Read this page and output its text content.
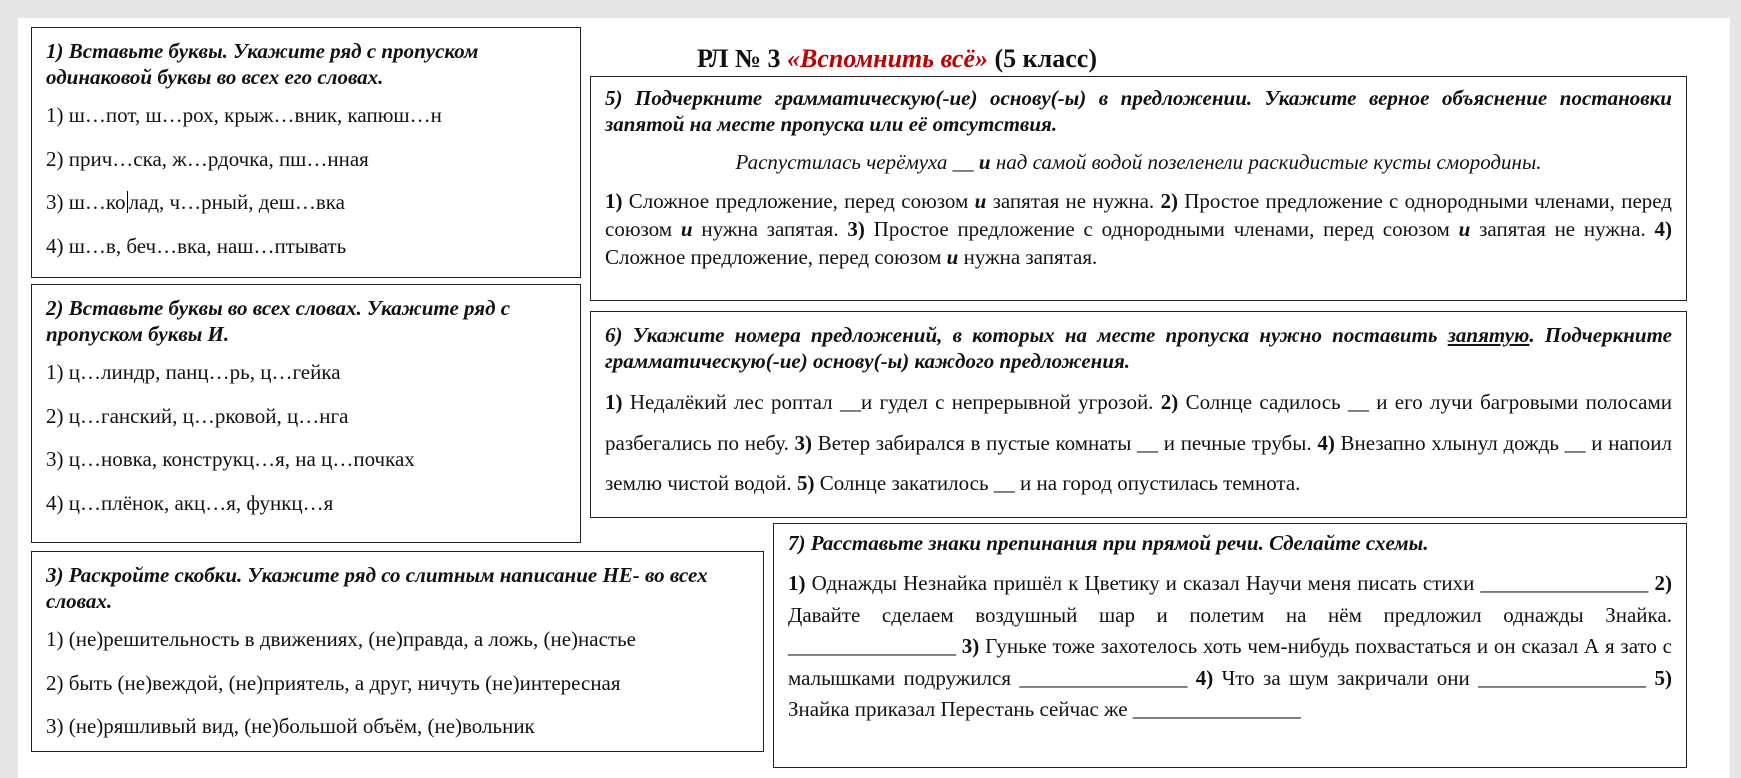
РЛ № 3 «Вспомнить всё» (5 класс)
1) Вставьте буквы. Укажите ряд с пропуском одинаковой буквы во всех его словах.
1) ш…пот, ш…рох, крыж…вник, капюш…н
2) прич…ска, ж…рдочка, пш…нная
3) ш…ко лад, ч…рный, деш…вка
4) ш…в, беч…вка, наш…птывать
2) Вставьте буквы во всех словах. Укажите ряд с пропуском буквы И.
1) ц…линдр, панц…рь, ц…гейка
2) ц…ганский, ц…рковой, ц…нга
3) ц…новка, конструкц…я, на ц…почках
4) ц…плёнок, акц…я, функц…я
3) Раскройте скобки. Укажите ряд со слитным написание НЕ- во всех словах.
1) (не)решительность в движениях, (не)правда, а ложь, (не)настье
2) быть (не)веждой, (не)приятель, а друг, ничуть (не)интересная
3) (не)ряшливый вид, (не)большой объём, (не)вольник
5) Подчеркните грамматическую(-ие) основу(-ы) в предложении. Укажите верное объяснение постановки запятой на месте пропуска или её отсутствия.
Распустилась черёмуха __ и над самой водой позеленели раскидистые кусты смородины.
1) Сложное предложение, перед союзом и запятая не нужна. 2) Простое предложение с однородными членами, перед союзом и нужна запятая. 3) Простое предложение с однородными членами, перед союзом и запятая не нужна. 4) Сложное предложение, перед союзом и нужна запятая.
6) Укажите номера предложений, в которых на месте пропуска нужно поставить запятую. Подчеркните грамматическую(-ие) основу(-ы) каждого предложения.
1) Недалёкий лес роптал __и гудел с непрерывной угрозой. 2) Солнце садилось __ и его лучи багровыми полосами разбегались по небу. 3) Ветер забирался в пустые комнаты __ и печные трубы. 4) Внезапно хлынул дождь __ и напоил землю чистой водой. 5) Солнце закатилось __ и на город опустилась темнота.
7) Расставьте знаки препинания при прямой речи. Сделайте схемы.
1) Однажды Незнайка пришёл к Цветику и сказал Научи меня писать стихи ________________ 2) Давайте сделаем воздушный шар и полетим на нём предложил однажды Знайка. ________________ 3) Гуньке тоже захотелось хоть чем-нибудь похвастаться и он сказал А я зато с малышками подружился ________________ 4) Что за шум закричали они ________________ 5) Знайка приказал Перестань сейчас же ________________
